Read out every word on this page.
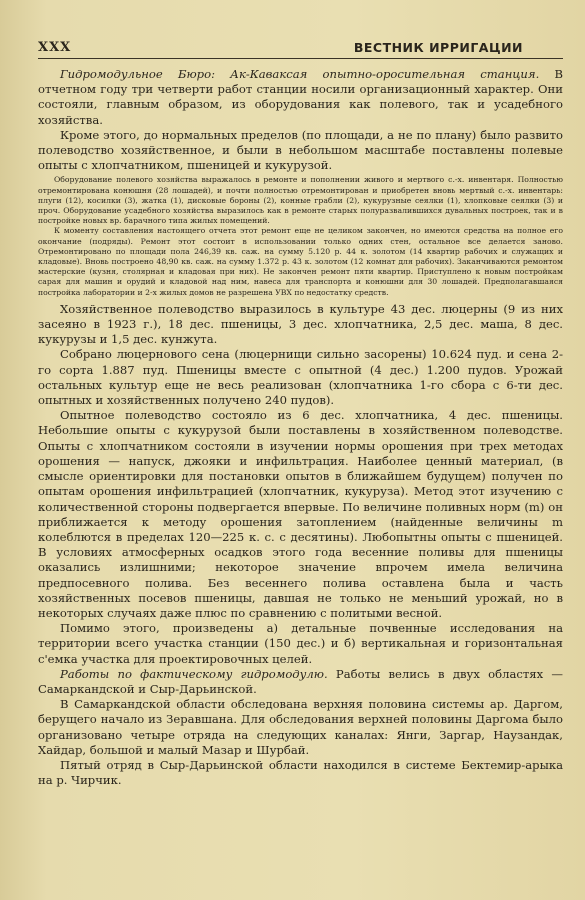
XXX	ВЕСТНИК ИРРИГАЦИИ

Гидромодульное Бюро: Ак-Каваксая опытно-оросительная станция. В отчетном году три четверти работ станции носили организационный характер. Они состояли, главным образом, из оборудования как полевого, так и усадебного хозяйства.

Кроме этого, до нормальных пределов (по площади, а не по плану) было развито полеводство хозяйственное, и были в небольшом масштабе поставлены полевые опыты с хлопчатником, пшеницей и кукурузой.

Оборудование полевого хозяйства выражалось в ремонте и пополнении живого и мертвого с.-х. инвентаря. Полностью отремонтирована конюшня (28 лошадей), и почти полностью отремонтирован и приобретен вновь мертвый с.-х. инвентарь: плуги (12), косилки (3), жатка (1), дисковые бороны (2), конные грабли (2), кукурузные сеялки (1), хлопковые сеялки (3) и проч. Оборудование усадебного хозяйства выразилось как в ремонте старых полуразвалившихся дувальных построек, так и в постройке новых вр. барачного типа жилых помещений.

К моменту составления настоящего отчета этот ремонт еще не целиком закончен, но имеются средства на полное его окончание (подряды). Ремонт этот состоит в использовании только одних стен, остальное все делается заново. Отремонтировано по площади пола 246,39 кв. саж. на сумму 5.120 р. 44 к. золотом (14 квартир рабочих и служащих и кладовые). Вновь построено 48,90 кв. саж. на сумму 1.372 р. 43 к. золотом (12 комнат для рабочих). Заканчиваются ремонтом мастерские (кузня, столярная и кладовая при них). Не закончен ремонт пяти квартир. Приступлено к новым постройкам сарая для машин и орудий и кладовой над ним, навеса для транспорта и конюшни для 30 лошадей. Предполагавшаяся постройка лаборатории и 2-х жилых домов не разрешена УВХ по недостатку средств.

Хозяйственное полеводство выразилось в культуре 43 дес. люцерны (9 из них засеяно в 1923 г.), 18 дес. пшеницы, 3 дес. хлопчатника, 2,5 дес. маша, 8 дес. кукурузы и 1,5 дес. кунжута.

Собрано люцернового сена (люцернищи сильно засорены) 10.624 пуд. и сена 2-го сорта 1.887 пуд. Пшеницы вместе с опытной (4 дес.) 1.200 пудов. Урожай остальных культур еще не весь реализован (хлопчатника 1-го сбора с 6-ти дес. опытных и хозяйственных получено 240 пудов).

Опытное полеводство состояло из 6 дес. хлопчатника, 4 дес. пшеницы. Небольшие опыты с кукурузой были поставлены в хозяйственном полеводстве. Опыты с хлопчатником состояли в изучении нормы орошения при трех методах орошения — напуск, джояки и инфильтрация. Наиболее ценный материал, (в смысле ориентировки для постановки опытов в ближайшем будущем) получен по опытам орошения инфильтрацией (хлопчатник, кукуруза). Метод этот изучению с количественной стороны подвергается впервые. По величине поливных норм (m) он приближается к методу орошения затоплением (найденные величины m колеблются в пределах 120—225 к. с. с десятины). Любопытны опыты с пшеницей. В условиях атмосферных осадков этого года весенние поливы для пшеницы оказались излишними; некоторое значение впрочем имела величина предпосевного полива. Без весеннего полива оставлена была и часть хозяйственных посевов пшеницы, давшая не только не меньший урожай, но в некоторых случаях даже плюс по сравнению с политыми весной.

Помимо этого, произведены а) детальные почвенные исследования на территории всего участка станции (150 дес.) и б) вертикальная и горизонтальная с'емка участка для проектировочных целей.

Работы по фактическому гидромодулю. Работы велись в двух областях — Самаркандской и Сыр-Дарьинской.

В Самаркандской области обследована верхняя половина системы ар. Даргом, берущего начало из Зеравшана. Для обследования верхней половины Даргома было организовано четыре отряда на следующих каналах: Янги, Заргар, Наузандак, Хайдар, большой и малый Мазар и Шурбай.

Пятый отряд в Сыр-Дарьинской области находился в системе Бектемир-арыка на р. Чирчик.
